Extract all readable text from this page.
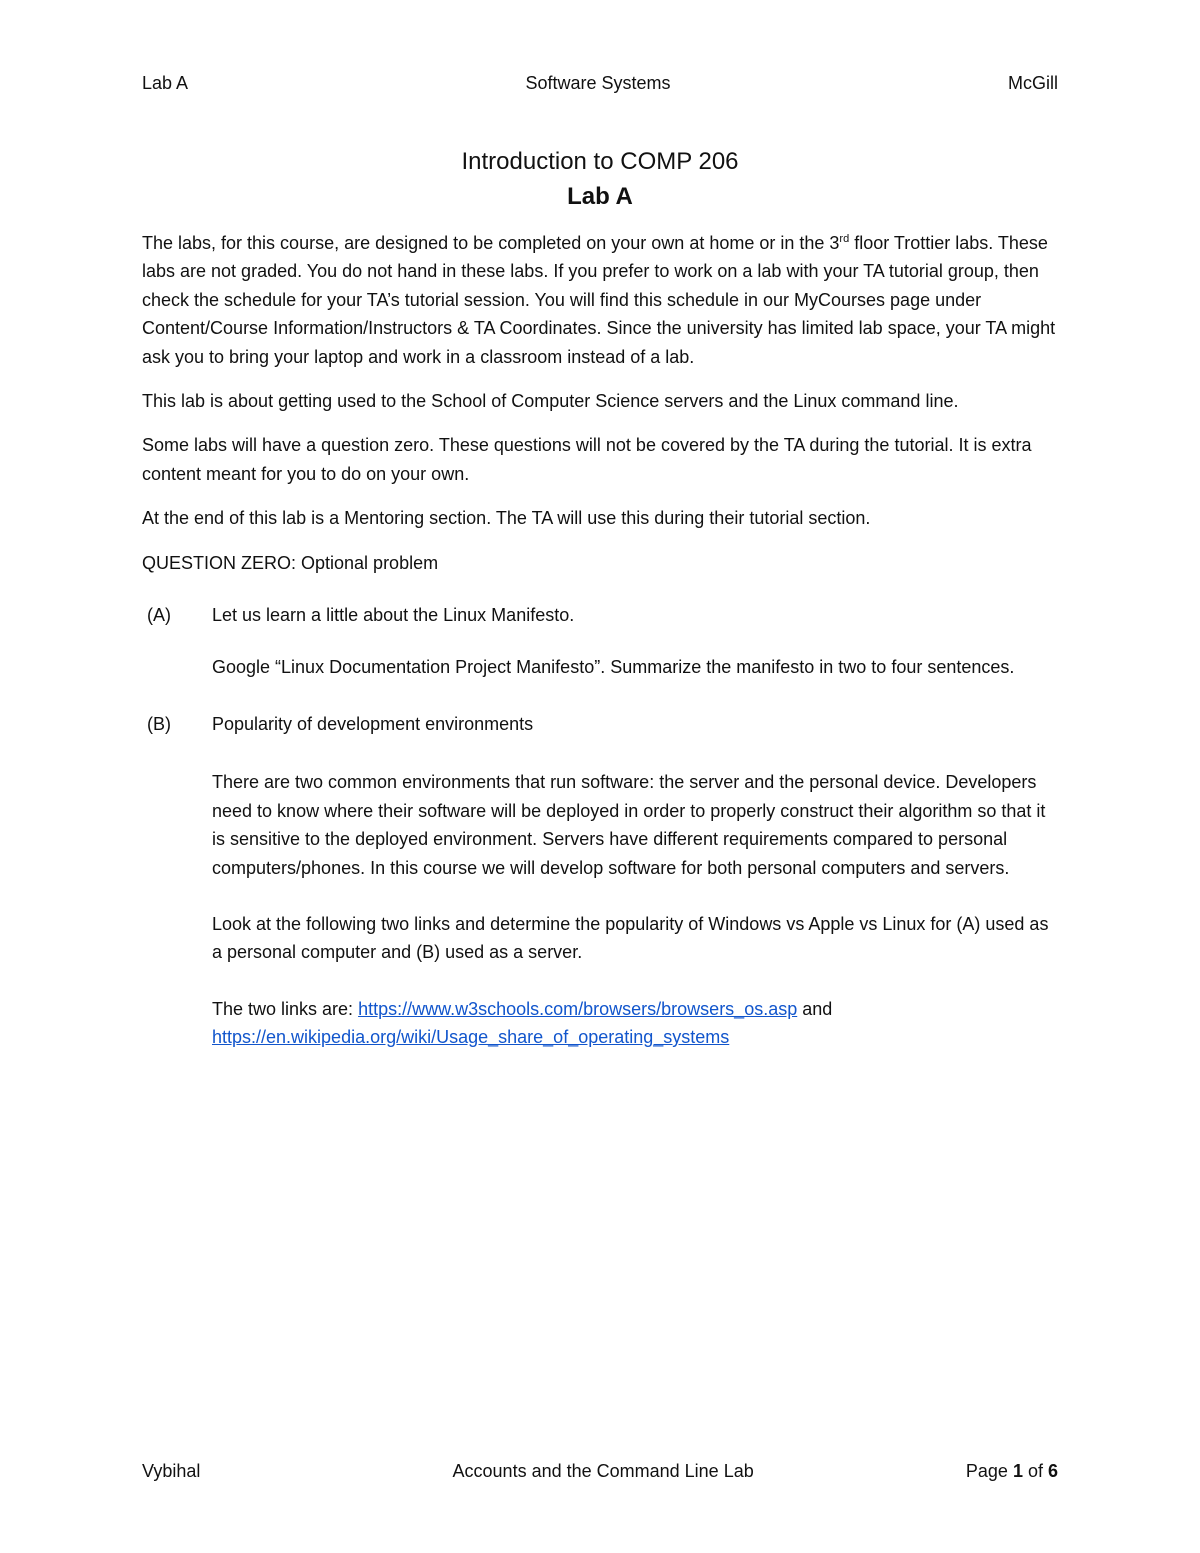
Lab A	Software Systems	McGill
Introduction to COMP 206
Lab A

The labs, for this course, are designed to be completed on your own at home or in the 3rd floor Trottier labs. These labs are not graded. You do not hand in these labs. If you prefer to work on a lab with your TA tutorial group, then check the schedule for your TA’s tutorial session. You will find this schedule in our MyCourses page under Content/Course Information/Instructors & TA Coordinates. Since the university has limited lab space, your TA might ask you to bring your laptop and work in a classroom instead of a lab.

This lab is about getting used to the School of Computer Science servers and the Linux command line.

Some labs will have a question zero. These questions will not be covered by the TA during the tutorial. It is extra content meant for you to do on your own.

At the end of this lab is a Mentoring section. The TA will use this during their tutorial section.

QUESTION ZERO: Optional problem

(A)	Let us learn a little about the Linux Manifesto.

Google “Linux Documentation Project Manifesto”. Summarize the manifesto in two to four sentences.

(B)	Popularity of development environments

There are two common environments that run software: the server and the personal device. Developers need to know where their software will be deployed in order to properly construct their algorithm so that it is sensitive to the deployed environment. Servers have different requirements compared to personal computers/phones. In this course we will develop software for both personal computers and servers.

Look at the following two links and determine the popularity of Windows vs Apple vs Linux for (A) used as a personal computer and (B) used as a server.

The two links are: https://www.w3schools.com/browsers/browsers_os.asp and
https://en.wikipedia.org/wiki/Usage_share_of_operating_systems

Vybihal	Accounts and the Command Line Lab	Page 1 of 6
